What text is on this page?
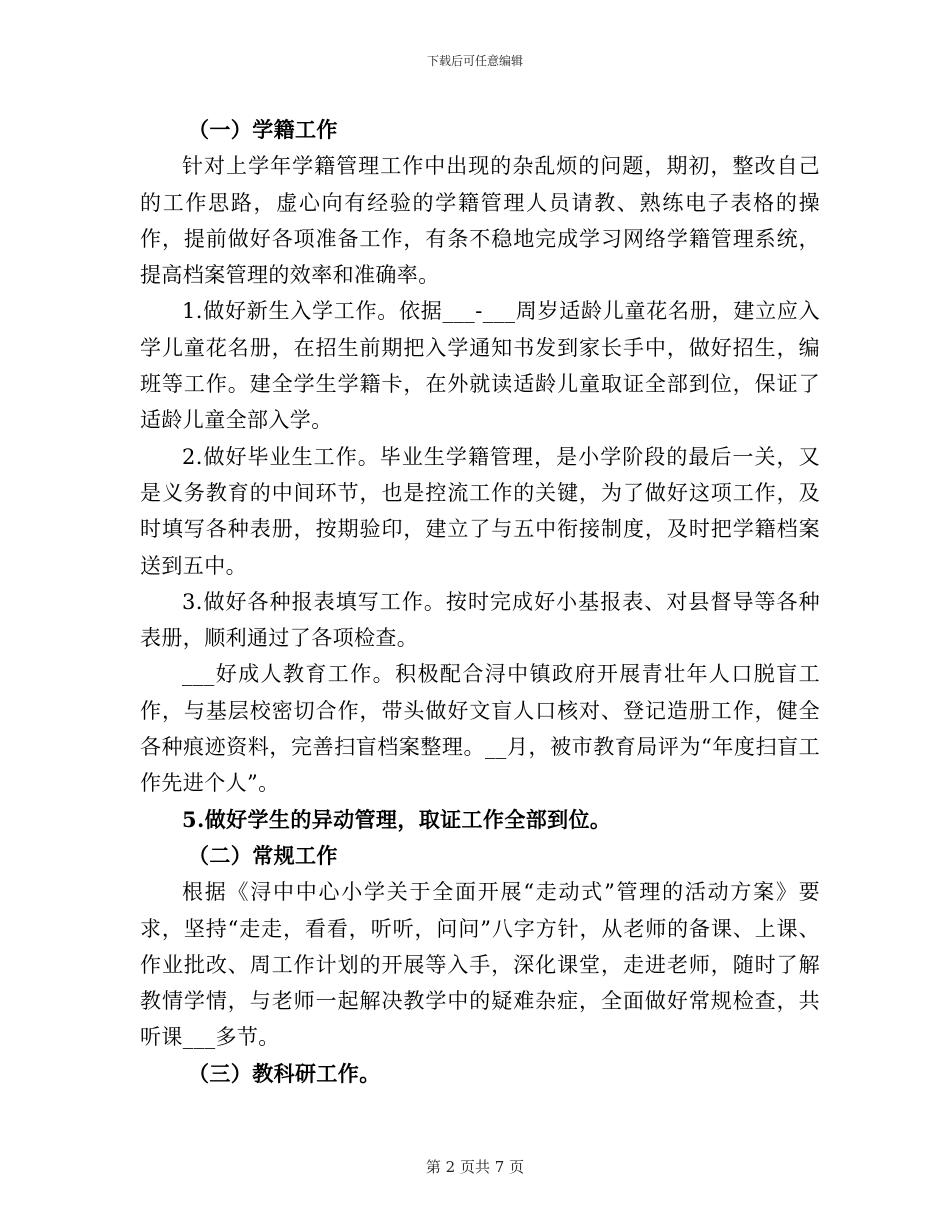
下载后可任意编辑

（一）学籍工作

针对上学年学籍管理工作中出现的杂乱烦的问题，期初，整改自己的工作思路，虚心向有经验的学籍管理人员请教、熟练电子表格的操作，提前做好各项准备工作，有条不稳地完成学习网络学籍管理系统，提高档案管理的效率和准确率。

1.做好新生入学工作。依据___-___周岁适龄儿童花名册，建立应入学儿童花名册，在招生前期把入学通知书发到家长手中，做好招生，编班等工作。建全学生学籍卡，在外就读适龄儿童取证全部到位，保证了适龄儿童全部入学。

2.做好毕业生工作。毕业生学籍管理，是小学阶段的最后一关，又是义务教育的中间环节，也是控流工作的关键，为了做好这项工作，及时填写各种表册，按期验印，建立了与五中衔接制度，及时把学籍档案送到五中。

3.做好各种报表填写工作。按时完成好小基报表、对县督导等各种表册，顺利通过了各项检查。

___好成人教育工作。积极配合浔中镇政府开展青壮年人口脱盲工作，与基层校密切合作，带头做好文盲人口核对、登记造册工作，健全各种痕迹资料，完善扫盲档案整理。__月，被市教育局评为“年度扫盲工作先进个人”。

5.做好学生的异动管理，取证工作全部到位。

（二）常规工作

根据《浔中中心小学关于全面开展“走动式”管理的活动方案》要求，坚持“走走，看看，听听，问问”八字方针，从老师的备课、上课、作业批改、周工作计划的开展等入手，深化课堂，走进老师，随时了解教情学情，与老师一起解决教学中的疑难杂症，全面做好常规检查，共听课___多节。

（三）教科研工作。

第 2 页共 7 页
